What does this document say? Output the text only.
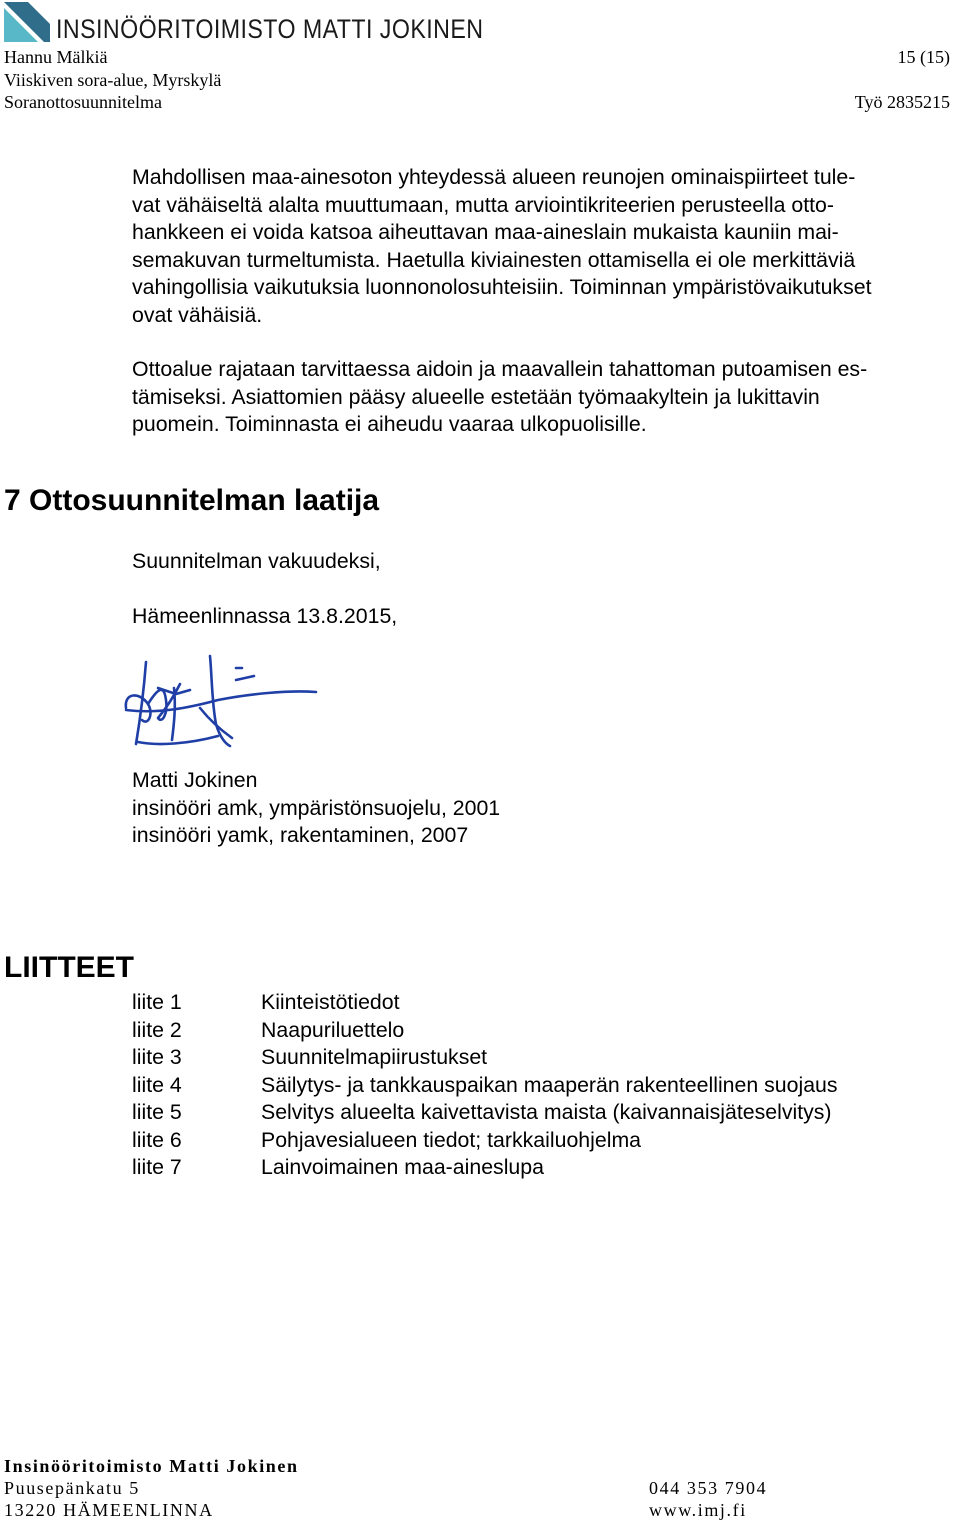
INSINÖÖRITOIMISTO MATTI JOKINEN
Hannu Mälkiä
Viiskiven sora-alue, Myrskylä
Soranottosuunnitelma
15 (15)

Työ 2835215
Mahdollisen maa-ainesoton yhteydessä alueen reunojen ominaispiirteet tule-
vat vähäiseltä alalta muuttumaan, mutta arviointikriteerien perusteella otto-
hankkeen ei voida katsoa aiheuttavan maa-aineslain mukaista kauniin mai-
semakuvan turmeltumista. Haetulla kiviainesten ottamisella ei ole merkittäviä
vahingollisia vaikutuksia luonnonolosuhteisiin. Toiminnan ympäristövaikutukset
ovat vähäisiä.
Ottoalue rajataan tarvittaessa aidoin ja maavallein tahattoman putoamisen es-
tämiseksi. Asiattomien pääsy alueelle estetään työmaakyltein ja lukittavin
puomein. Toiminnasta ei aiheudu vaaraa ulkopuolisille.
7 Ottosuunnitelman laatija
Suunnitelman vakuudeksi,
Hämeenlinnassa 13.8.2015,
Matti Jokinen
insinööri amk, ympäristönsuojelu, 2001
insinööri yamk, rakentaminen, 2007
LIITTEET
liite 1	Kiinteistötiedot
liite 2	Naapuriluettelo
liite 3	Suunnitelmapiirustukset
liite 4	Säilytys- ja tankkauspaikan maaperän rakenteellinen suojaus
liite 5	Selvitys alueelta kaivettavista maista (kaivannaisjäteselvitys)
liite 6	Pohjavesialueen tiedot; tarkkailuohjelma
liite 7	Lainvoimainen maa-aineslupa
Insinööritoimisto Matti Jokinen
Puusepänkatu 5
13220 HÄMEENLINNA
044 353 7904
www.imj.fi
